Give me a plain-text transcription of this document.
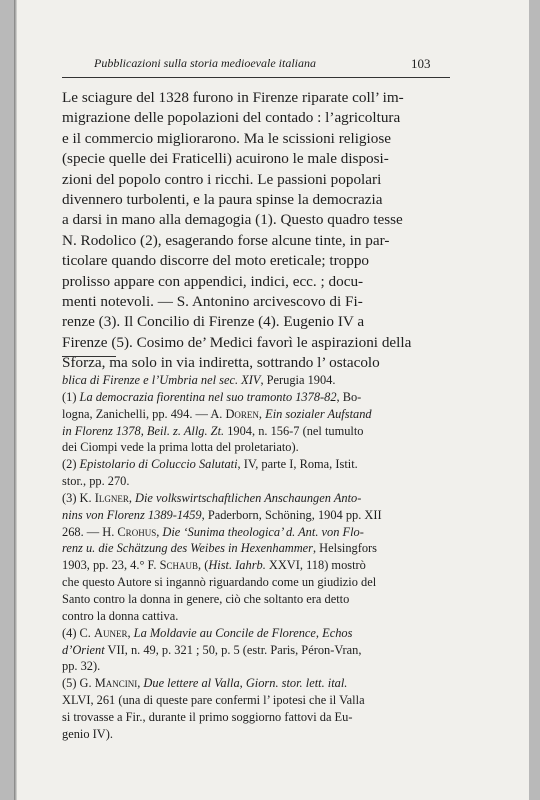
Pubblicazioni sulla storia medioevale italiana	103
Le sciagure del 1328 furono in Firenze riparate coll’ im-
migrazione delle popolazioni del contado : l’agricoltura
e il commercio migliorarono. Ma le scissioni religiose
(specie quelle dei Fraticelli) acuirono le male disposi-
zioni del popolo contro i ricchi. Le passioni popolari
divennero turbolenti, e la paura spinse la democrazia
a darsi in mano alla demagogia (1). Questo quadro tesse
N. Rodolico (2), esagerando forse alcune tinte, in par-
ticolare quando discorre del moto ereticale; troppo
prolisso appare con appendici, indici, ecc. ; docu-
menti notevoli. — S. Antonino arcivescovo di Fi-
renze (3). Il Concilio di Firenze (4). Eugenio IV a
Firenze (5). Cosimo de’ Medici favorì le aspirazioni della
Sforza, ma solo in via indiretta, sottrando l’ ostacolo
blica di Firenze e l’Umbria nel sec. XIV, Perugia 1904.
(1) La democrazia fiorentina nel suo tramonto 1378-82, Bo-
logna, Zanichelli, pp. 494. — A. Doren, Ein sozialer Aufstand
in Florenz 1378, Beil. z. Allg. Zt. 1904, n. 156-7 (nel tumulto
dei Ciompi vede la prima lotta del proletariato).
(2) Epistolario di Coluccio Salutati, IV, parte I, Roma, Istit.
stor., pp. 270.
(3) K. Ilgner, Die volkswirtschaftlichen Anschaungen Anto-
nins von Florenz 1389-1459, Paderborn, Schöning, 1904 pp. XII
268. — H. Crohus, Die ‘Sunima theologica’ d. Ant. von Flo-
renz u. die Schätzung des Weibes in Hexenhammer, Helsingfors
1903, pp. 23, 4.° F. Schaub, (Hist. Iahrb. XXVI, 118) mostrò
che questo Autore si ingannò riguardando come un giudizio del
Santo contro la donna in genere, ciò che soltanto era detto
contro la donna cattiva.
(4) C. Auner, La Moldavie au Concile de Florence, Echos
d’Orient VII, n. 49, p. 321 ; 50, p. 5 (estr. Paris, Péron-Vran,
pp. 32).
(5) G. Mancini, Due lettere al Valla, Giorn. stor. lett. ital.
XLVI, 261 (una di queste pare confermi l’ ipotesi che il Valla
si trovasse a Fir., durante il primo soggiorno fattovi da Eu-
genio IV).
